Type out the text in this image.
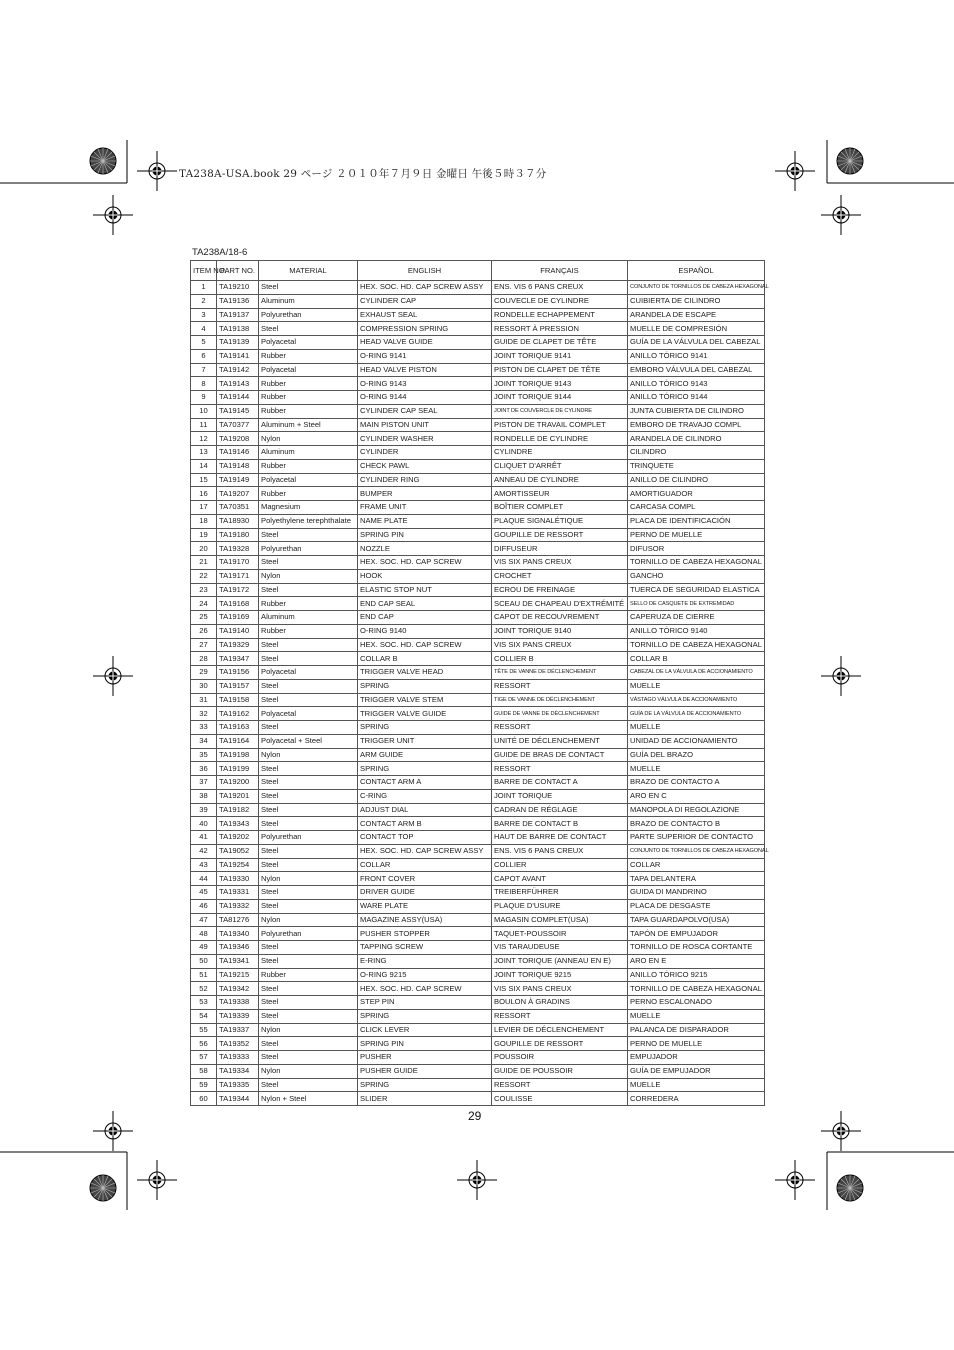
TA238A-USA.book 29 ページ ２０１０年７月９日 金曜日 午後５時３７分
TA238A/18-6
ITEM NO.	PART NO.	MATERIAL	ENGLISH	FRANÇAIS	ESPAÑOL
1	TA19210	Steel	HEX. SOC. HD. CAP SCREW ASSY	ENS. VIS 6 PANS CREUX	CONJUNTO DE TORNILLOS DE CABEZA HEXAGONAL
2	TA19136	Aluminum	CYLINDER CAP	COUVECLE DE CYLINDRE	CUIBIERTA DE CILINDRO
3	TA19137	Polyurethan	EXHAUST SEAL	RONDELLE ECHAPPEMENT	ARANDELA DE ESCAPE
4	TA19138	Steel	COMPRESSION SPRING	RESSORT À PRESSION	MUELLE DE COMPRESIÓN
5	TA19139	Polyacetal	HEAD VALVE GUIDE	GUIDE DE CLAPET DE TÊTE	GUÍA DE LA VÁLVULA DEL CABEZAL
6	TA19141	Rubber	O-RING 9141	JOINT TORIQUE 9141	ANILLO TÓRICO 9141
7	TA19142	Polyacetal	HEAD VALVE PISTON	PISTON DE CLAPET DE TÊTE	EMBORO VÁLVULA DEL CABEZAL
8	TA19143	Rubber	O-RING 9143	JOINT TORIQUE 9143	ANILLO TÓRICO 9143
9	TA19144	Rubber	O-RING 9144	JOINT TORIQUE 9144	ANILLO TÓRICO 9144
10	TA19145	Rubber	CYLINDER CAP SEAL	JOINT DE COUVERCLE DE CYLINDRE	JUNTA CUBIERTA DE CILINDRO
11	TA70377	Aluminum + Steel	MAIN PISTON UNIT	PISTON DE TRAVAIL COMPLET	EMBORO DE TRAVAJO COMPL
12	TA19208	Nylon	CYLINDER WASHER	RONDELLE DE CYLINDRE	ARANDELA DE CILINDRO
13	TA19146	Aluminum	CYLINDER	CYLINDRE	CILINDRO
14	TA19148	Rubber	CHECK PAWL	CLIQUET D'ARRÊT	TRINQUETE
15	TA19149	Polyacetal	CYLINDER RING	ANNEAU DE CYLINDRE	ANILLO DE CILINDRO
16	TA19207	Rubber	BUMPER	AMORTISSEUR	AMORTIGUADOR
17	TA70351	Magnesium	FRAME UNIT	BOÎTIER COMPLET	CARCASA COMPL
18	TA18930	Polyethylene terephthalate	NAME PLATE	PLAQUE SIGNALÉTIQUE	PLACA DE IDENTIFICACIÓN
19	TA19180	Steel	SPRING PIN	GOUPILLE DE RESSORT	PERNO DE MUELLE
20	TA19328	Polyurethan	NOZZLE	DIFFUSEUR	DIFUSOR
21	TA19170	Steel	HEX. SOC. HD. CAP SCREW	VIS SIX PANS CREUX	TORNILLO DE CABEZA HEXAGONAL
22	TA19171	Nylon	HOOK	CROCHET	GANCHO
23	TA19172	Steel	ELASTIC STOP NUT	ECROU DE FREINAGE	TUERCA DE SEGURIDAD ELASTICA
24	TA19168	Rubber	END CAP SEAL	SCEAU DE CHAPEAU D'EXTRÉMITÉ	SELLO DE CASQUETE DE EXTREMIDAD
25	TA19169	Aluminum	END CAP	CAPOT DE RECOUVREMENT	CAPERUZA DE CIERRE
26	TA19140	Rubber	O-RING 9140	JOINT TORIQUE 9140	ANILLO TÓRICO 9140
27	TA19329	Steel	HEX. SOC. HD. CAP SCREW	VIS SIX PANS CREUX	TORNILLO DE CABEZA HEXAGONAL
28	TA19347	Steel	COLLAR B	COLLIER B	COLLAR B
29	TA19156	Polyacetal	TRIGGER VALVE HEAD	TÊTE DE VANNE DE DÉCLENCHEMENT	CABEZAL DE LA VÁLVULA DE ACCIONAMIENTO
30	TA19157	Steel	SPRING	RESSORT	MUELLE
31	TA19158	Steel	TRIGGER VALVE STEM	TIGE DE VANNE DE DÉCLENCHEMENT	VÁSTAGO VÁLVULA DE ACCIONAMIENTO
32	TA19162	Polyacetal	TRIGGER VALVE GUIDE	GUIDE DE VANNE DE DÉCLENCHEMENT	GUÍA DE LA VÁLVULA DE ACCIONAMIENTO
33	TA19163	Steel	SPRING	RESSORT	MUELLE
34	TA19164	Polyacetal + Steel	TRIGGER UNIT	UNITÉ DE DÉCLENCHEMENT	UNIDAD DE ACCIONAMIENTO
35	TA19198	Nylon	ARM GUIDE	GUIDE DE BRAS DE CONTACT	GUÍA DEL BRAZO
36	TA19199	Steel	SPRING	RESSORT	MUELLE
37	TA19200	Steel	CONTACT ARM A	BARRE DE CONTACT A	BRAZO DE CONTACTO A
38	TA19201	Steel	C-RING	JOINT TORIQUE	ARO EN C
39	TA19182	Steel	ADJUST DIAL	CADRAN DE RÉGLAGE	MANOPOLA DI REGOLAZIONE
40	TA19343	Steel	CONTACT ARM B	BARRE DE CONTACT B	BRAZO DE CONTACTO B
41	TA19202	Polyurethan	CONTACT TOP	HAUT DE BARRE DE CONTACT	PARTE SUPERIOR DE CONTACTO
42	TA19052	Steel	HEX. SOC. HD. CAP SCREW ASSY	ENS. VIS 6 PANS CREUX	CONJUNTO DE TORNILLOS DE CABEZA HEXAGONAL
43	TA19254	Steel	COLLAR	COLLIER	COLLAR
44	TA19330	Nylon	FRONT COVER	CAPOT AVANT	TAPA DELANTERA
45	TA19331	Steel	DRIVER GUIDE	TREIBERFÜHRER	GUIDA DI MANDRINO
46	TA19332	Steel	WARE PLATE	PLAQUE D'USURE	PLACA DE DESGASTE
47	TA81276	Nylon	MAGAZINE ASSY(USA)	MAGASIN COMPLET(USA)	TAPA GUARDAPOLVO(USA)
48	TA19340	Polyurethan	PUSHER STOPPER	TAQUET-POUSSOIR	TAPÓN DE EMPUJADOR
49	TA19346	Steel	TAPPING SCREW	VIS TARAUDEUSE	TORNILLO DE ROSCA CORTANTE
50	TA19341	Steel	E-RING	JOINT TORIQUE (ANNEAU EN E)	ARO EN E
51	TA19215	Rubber	O-RING 9215	JOINT TORIQUE 9215	ANILLO TÓRICO 9215
52	TA19342	Steel	HEX. SOC. HD. CAP SCREW	VIS SIX PANS CREUX	TORNILLO DE CABEZA HEXAGONAL
53	TA19338	Steel	STEP PIN	BOULON À GRADINS	PERNO ESCALONADO
54	TA19339	Steel	SPRING	RESSORT	MUELLE
55	TA19337	Nylon	CLICK LEVER	LEVIER DE DÉCLENCHEMENT	PALANCA DE DISPARADOR
56	TA19352	Steel	SPRING PIN	GOUPILLE DE RESSORT	PERNO DE MUELLE
57	TA19333	Steel	PUSHER	POUSSOIR	EMPUJADOR
58	TA19334	Nylon	PUSHER GUIDE	GUIDE DE POUSSOIR	GUÍA DE EMPUJADOR
59	TA19335	Steel	SPRING	RESSORT	MUELLE
60	TA19344	Nylon + Steel	SLIDER	COULISSE	CORREDERA
29
